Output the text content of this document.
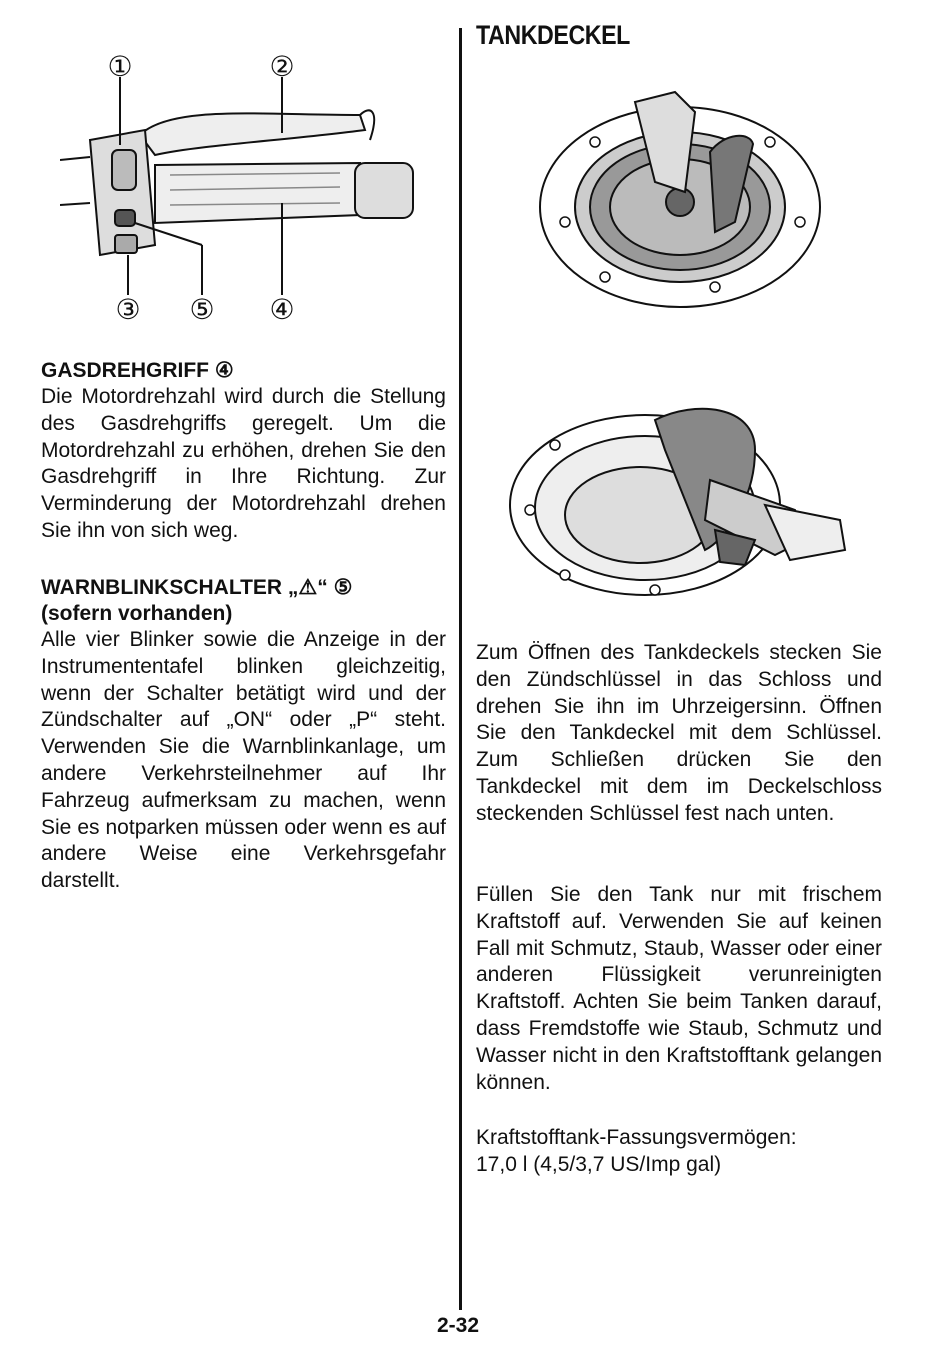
①	②
③ ⑤ ④

GASDREHGRIFF ④

Die Motordrehzahl wird durch die Stellung des Gasdrehgriffs geregelt. Um die Motordrehzahl zu erhöhen, drehen Sie den Gasdrehgriff in Ihre Richtung. Zur Verminderung der Motordrehzahl drehen Sie ihn von sich weg.

WARNBLINKSCHALTER „⚠“ ⑤

(sofern vorhanden)

Alle vier Blinker sowie die Anzeige in der Instrumententafel blinken gleichzeitig, wenn der Schalter betätigt wird und der Zündschalter auf „ON“ oder „P“ steht. Verwenden Sie die Warnblinkanlage, um andere Verkehrsteilnehmer auf Ihr Fahrzeug aufmerksam zu machen, wenn Sie es notparken müssen oder wenn es auf andere Weise eine Verkehrsgefahr darstellt.

TANKDECKEL

Zum Öffnen des Tankdeckels stecken Sie den Zündschlüssel in das Schloss und drehen Sie ihn im Uhrzeigersinn. Öffnen Sie den Tankdeckel mit dem Schlüssel. Zum Schließen drücken Sie den Tankdeckel mit dem im Deckelschloss steckenden Schlüssel fest nach unten.

Füllen Sie den Tank nur mit frischem Kraftstoff auf. Verwenden Sie auf keinen Fall mit Schmutz, Staub, Wasser oder einer anderen Flüssigkeit verunreinigten Kraftstoff. Achten Sie beim Tanken darauf, dass Fremdstoffe wie Staub, Schmutz und Wasser nicht in den Kraftstofftank gelangen können.

Kraftstofftank-Fassungsvermögen:

17,0 l (4,5/3,7 US/Imp gal)

2-32
